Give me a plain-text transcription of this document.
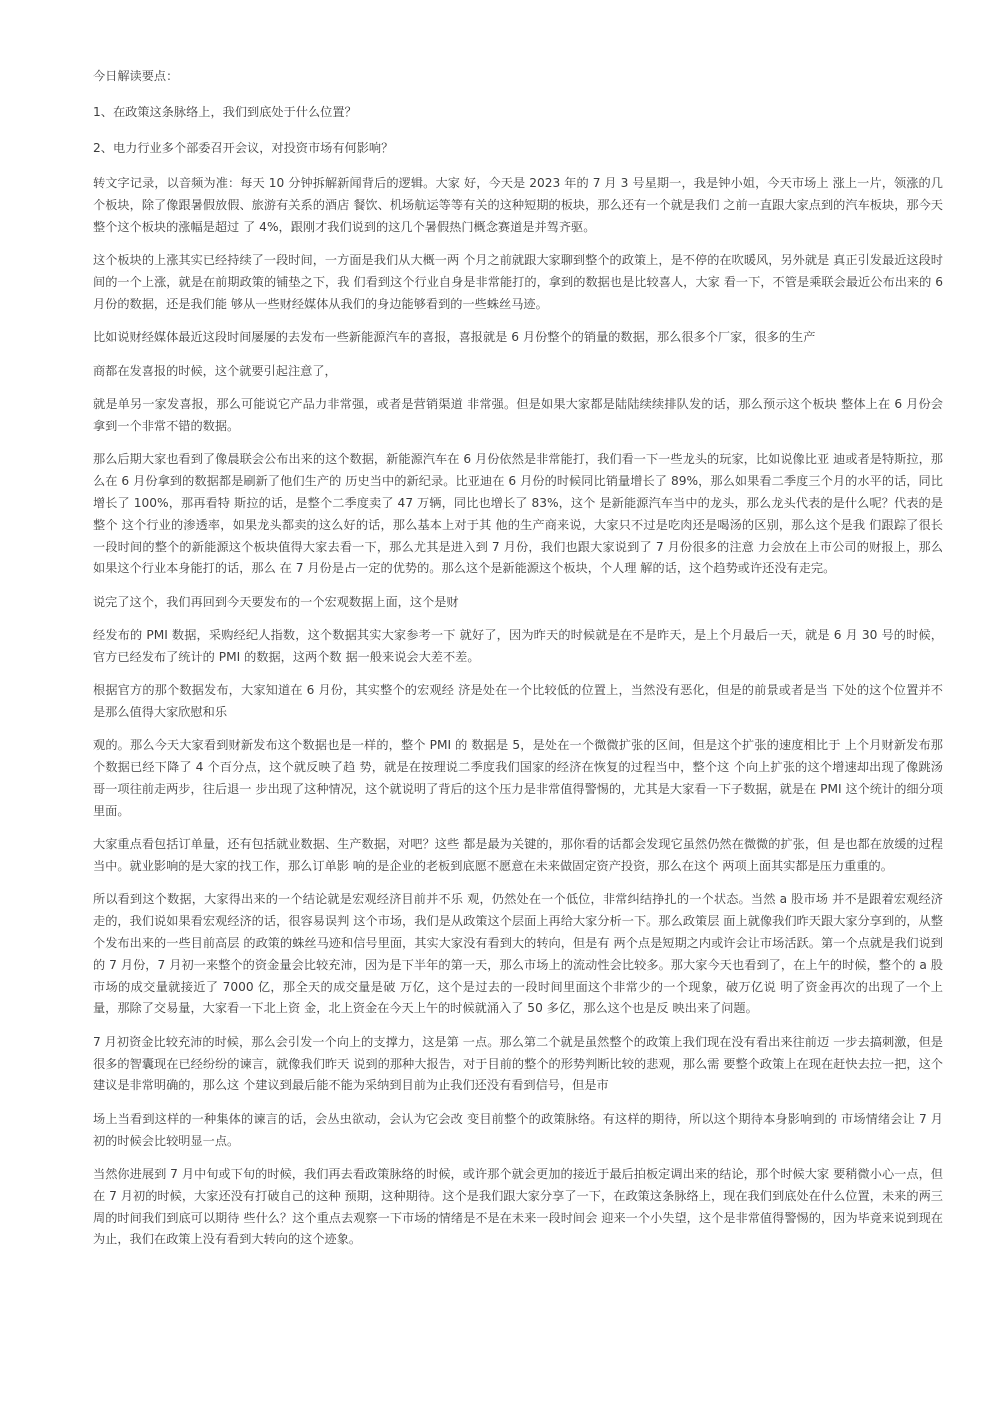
今日解读要点：

1、在政策这条脉络上，我们到底处于什么位置？

2、电力行业多个部委召开会议，对投资市场有何影响？

转文字记录，以音频为准：每天 10 分钟拆解新闻背后的逻辑。大家 好，今天是 2023 年的 7 月 3 号星期一，我是钟小姐，今天市场上 涨上一片，领涨的几个板块，除了像跟暑假放假、旅游有关系的酒店 餐饮、机场航运等等有关的这种短期的板块，那么还有一个就是我们 之前一直跟大家点到的汽车板块，那今天整个这个板块的涨幅是超过 了 4%，跟刚才我们说到的这几个暑假热门概念赛道是并驾齐驱。

这个板块的上涨其实已经持续了一段时间，一方面是我们从大概一两 个月之前就跟大家聊到整个的政策上，是不停的在吹暖风，另外就是 真正引发最近这段时间的一个上涨，就是在前期政策的铺垫之下，我 们看到这个行业自身是非常能打的，拿到的数据也是比较喜人，大家 看一下，不管是乘联会最近公布出来的 6 月份的数据，还是我们能 够从一些财经媒体从我们的身边能够看到的一些蛛丝马迹。

比如说财经媒体最近这段时间屡屡的去发布一些新能源汽车的喜报，喜报就是 6 月份整个的销量的数据，那么很多个厂家，很多的生产

商都在发喜报的时候，这个就要引起注意了，

就是单另一家发喜报，那么可能说它产品力非常强，或者是营销渠道 非常强。但是如果大家都是陆陆续续排队发的话，那么预示这个板块 整体上在 6 月份会拿到一个非常不错的数据。

那么后期大家也看到了像晨联会公布出来的这个数据，新能源汽车在 6 月份依然是非常能打，我们看一下一些龙头的玩家，比如说像比亚 迪或者是特斯拉，那么在 6 月份拿到的数据都是刷新了他们生产的 历史当中的新纪录。比亚迪在 6 月份的时候同比销量增长了 89%，那么如果看二季度三个月的水平的话，同比增长了 100%，那再看特 斯拉的话，是整个二季度卖了 47 万辆，同比也增长了 83%，这个 是新能源汽车当中的龙头，那么龙头代表的是什么呢？代表的是整个 这个行业的渗透率，如果龙头都卖的这么好的话，那么基本上对于其 他的生产商来说，大家只不过是吃肉还是喝汤的区别，那么这个是我 们跟踪了很长一段时间的整个的新能源这个板块值得大家去看一下，那么尤其是进入到 7 月份，我们也跟大家说到了 7 月份很多的注意 力会放在上市公司的财报上，那么如果这个行业本身能打的话，那么 在 7 月份是占一定的优势的。那么这个是新能源这个板块，个人理 解的话，这个趋势或许还没有走完。

说完了这个，我们再回到今天要发布的一个宏观数据上面，这个是财

经发布的 PMI 数据，采购经纪人指数，这个数据其实大家参考一下 就好了，因为昨天的时候就是在不是昨天，是上个月最后一天，就是 6 月 30 号的时候，官方已经发布了统计的 PMI 的数据，这两个数 据一般来说会大差不差。

根据官方的那个数据发布，大家知道在 6 月份，其实整个的宏观经 济是处在一个比较低的位置上，当然没有恶化，但是的前景或者是当 下处的这个位置并不是那么值得大家欣慰和乐

观的。那么今天大家看到财新发布这个数据也是一样的，整个 PMI 的 数据是 5，是处在一个微微扩张的区间，但是这个扩张的速度相比于 上个月财新发布那个数据已经下降了 4 个百分点，这个就反映了趋 势，就是在按理说二季度我们国家的经济在恢复的过程当中，整个这 个向上扩张的这个增速却出现了像跳汤哥一项往前走两步，往后退一 步出现了这种情况，这个就说明了背后的这个压力是非常值得警惕的，尤其是大家看一下子数据，就是在 PMI 这个统计的细分项里面。

大家重点看包括订单量，还有包括就业数据、生产数据，对吧？这些 都是最为关键的，那你看的话都会发现它虽然仍然在微微的扩张，但 是也都在放缓的过程当中。就业影响的是大家的找工作，那么订单影 响的是企业的老板到底愿不愿意在未来做固定资产投资，那么在这个 两项上面其实都是压力重重的。

所以看到这个数据，大家得出来的一个结论就是宏观经济目前并不乐 观，仍然处在一个低位，非常纠结挣扎的一个状态。当然 a 股市场 并不是跟着宏观经济走的，我们说如果看宏观经济的话，很容易误判 这个市场，我们是从政策这个层面上再给大家分析一下。那么政策层 面上就像我们昨天跟大家分享到的，从整个发布出来的一些目前高层 的政策的蛛丝马迹和信号里面，其实大家没有看到大的转向，但是有 两个点是短期之内或许会让市场活跃。第一个点就是我们说到的 7 月份，7 月初一来整个的资金量会比较充沛，因为是下半年的第一天，那么市场上的流动性会比较多。那大家今天也看到了，在上午的时候，整个的 a 股市场的成交量就接近了 7000 亿，那全天的成交量是破 万亿，这个是过去的一段时间里面这个非常少的一个现象，破万亿说 明了资金再次的出现了一个上量，那除了交易量，大家看一下北上资 金，北上资金在今天上午的时候就涌入了 50 多亿，那么这个也是反 映出来了问题。

7 月初资金比较充沛的时候，那么会引发一个向上的支撑力，这是第 一点。那么第二个就是虽然整个的政策上我们现在没有看出来往前迈 一步去搞刺激，但是很多的智囊现在已经纷纷的谏言，就像我们昨天 说到的那种大报告，对于目前的整个的形势判断比较的悲观，那么需 要整个政策上在现在赶快去拉一把，这个建议是非常明确的，那么这 个建议到最后能不能为采纳到目前为止我们还没有看到信号，但是市

场上当看到这样的一种集体的谏言的话，会丛虫欲动，会认为它会改 变目前整个的政策脉络。有这样的期待，所以这个期待本身影响到的 市场情绪会让 7 月初的时候会比较明显一点。

当然你进展到 7 月中旬或下旬的时候，我们再去看政策脉络的时候，或许那个就会更加的接近于最后拍板定调出来的结论，那个时候大家 要稍微小心一点，但在 7 月初的时候，大家还没有打破自己的这种 预期，这种期待。这个是我们跟大家分享了一下，在政策这条脉络上，现在我们到底处在什么位置，未来的两三周的时间我们到底可以期待 些什么？这个重点去观察一下市场的情绪是不是在未来一段时间会 迎来一个小失望，这个是非常值得警惕的，因为毕竟来说到现在为止，我们在政策上没有看到大转向的这个迹象。
